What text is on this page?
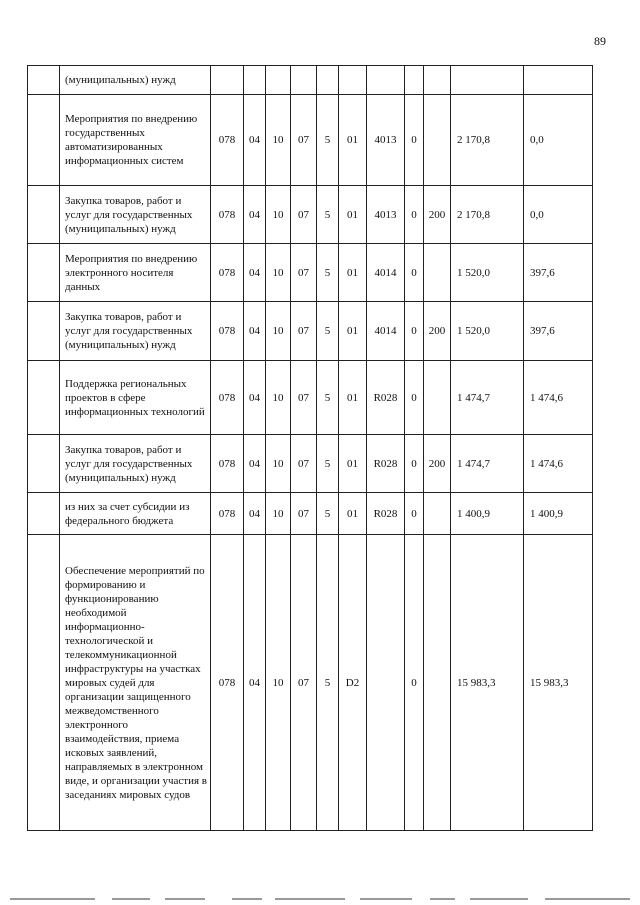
89
	(муниципальных) нужд											
	Мероприятия по внедрению государственных автоматизированных информационных систем	078	04	10	07	5	01	4013	0		2 170,8	0,0
	Закупка товаров, работ и услуг для государственных (муниципальных) нужд	078	04	10	07	5	01	4013	0	200	2 170,8	0,0
	Мероприятия по внедрению электронного носителя данных	078	04	10	07	5	01	4014	0		1 520,0	397,6
	Закупка товаров, работ и услуг для государственных (муниципальных) нужд	078	04	10	07	5	01	4014	0	200	1 520,0	397,6
	Поддержка региональных проектов в сфере информационных технологий	078	04	10	07	5	01	R028	0		1 474,7	1 474,6
	Закупка товаров, работ и услуг для государственных (муниципальных) нужд	078	04	10	07	5	01	R028	0	200	1 474,7	1 474,6
	из них за счет субсидии из федерального бюджета	078	04	10	07	5	01	R028	0		1 400,9	1 400,9
	Обеспечение мероприятий по формированию и функционированию необходимой информационно-технологической и телекоммуникационной инфраструктуры на участках мировых судей для организации защищенного межведомственного электронного взаимодействия, приема исковых заявлений, направляемых в электронном виде, и организации участия в заседаниях мировых судов	078	04	10	07	5	D2		0		15 983,3	15 983,3
